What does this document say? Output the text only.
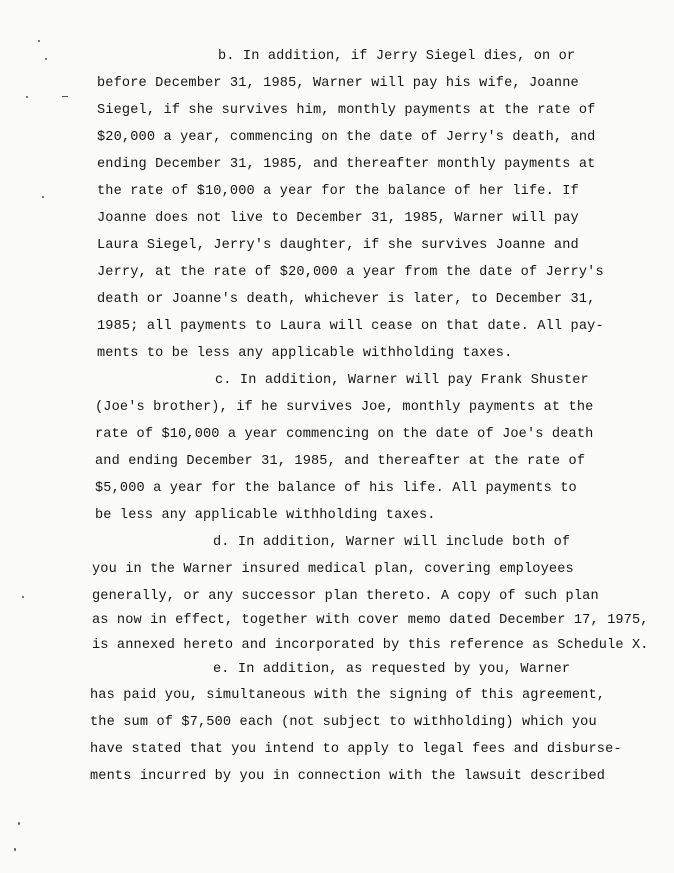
b. In addition, if Jerry Siegel dies, on or
before December 31, 1985, Warner will pay his wife, Joanne
Siegel, if she survives him, monthly payments at the rate of
$20,000 a year, commencing on the date of Jerry's death, and
ending December 31, 1985, and thereafter monthly payments at
the rate of $10,000 a year for the balance of her life. If
Joanne does not live to December 31, 1985, Warner will pay
Laura Siegel, Jerry's daughter, if she survives Joanne and
Jerry, at the rate of $20,000 a year from the date of Jerry's
death or Joanne's death, whichever is later, to December 31,
1985; all payments to Laura will cease on that date. All pay-
ments to be less any applicable withholding taxes.
c. In addition, Warner will pay Frank Shuster
(Joe's brother), if he survives Joe, monthly payments at the
rate of $10,000 a year commencing on the date of Joe's death
and ending December 31, 1985, and thereafter at the rate of
$5,000 a year for the balance of his life. All payments to
be less any applicable withholding taxes.
d. In addition, Warner will include both of
you in the Warner insured medical plan, covering employees
generally, or any successor plan thereto. A copy of such plan
as now in effect, together with cover memo dated December 17, 1975,
is annexed hereto and incorporated by this reference as Schedule X.
e. In addition, as requested by you, Warner
has paid you, simultaneous with the signing of this agreement,
the sum of $7,500 each (not subject to withholding) which you
have stated that you intend to apply to legal fees and disburse-
ments incurred by you in connection with the lawsuit described
